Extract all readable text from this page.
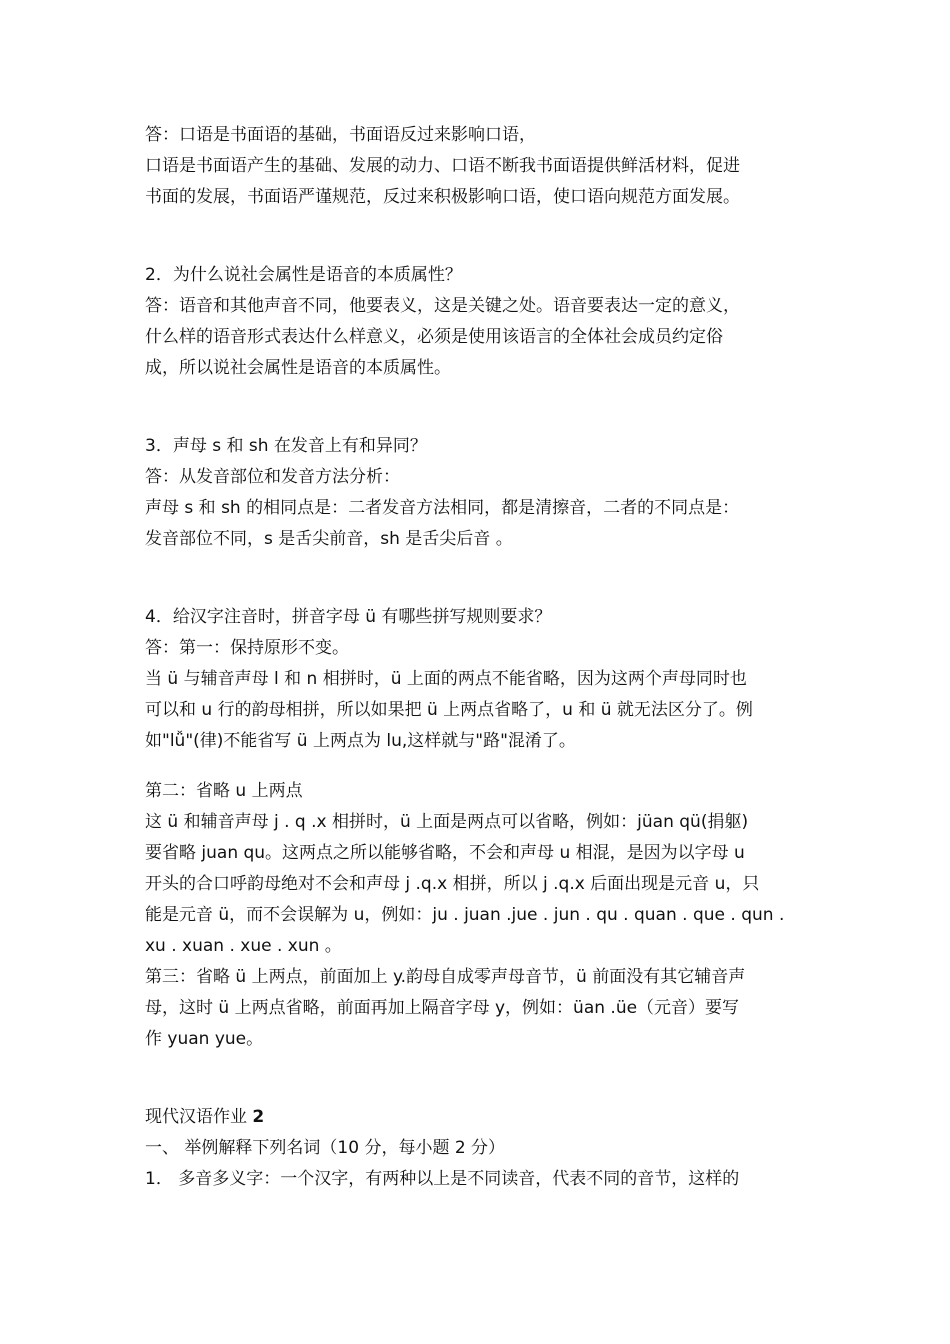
答：口语是书面语的基础，书面语反过来影响口语，

口语是书面语产生的基础、发展的动力、口语不断我书面语提供鲜活材料，促进

书面的发展，书面语严谨规范，反过来积极影响口语，使口语向规范方面发展。

2．为什么说社会属性是语音的本质属性？

答：语音和其他声音不同，他要表义，这是关键之处。语音要表达一定的意义，

什么样的语音形式表达什么样意义，必须是使用该语言的全体社会成员约定俗

成，所以说社会属性是语音的本质属性。

3．声母 s 和 sh 在发音上有和异同？

答：从发音部位和发音方法分析：

声母 s 和 sh 的相同点是：二者发音方法相同，都是清擦音，二者的不同点是：

发音部位不同，s 是舌尖前音，sh 是舌尖后音 。

4．给汉字注音时，拼音字母 ü 有哪些拼写规则要求？

答：第一：保持原形不变。

当 ü 与辅音声母 l 和 n 相拼时，ü 上面的两点不能省略，因为这两个声母同时也

可以和 u 行的韵母相拼，所以如果把 ü 上两点省略了，u 和 ü 就无法区分了。例

如"lǚ"(律)不能省写 ü 上两点为 lu,这样就与"路"混淆了。

第二：省略 u 上两点

这 ü 和辅音声母 j . q .x 相拼时，ü 上面是两点可以省略，例如：jüan qü(捐躯)

要省略 juan qu。这两点之所以能够省略，不会和声母 u 相混，是因为以字母 u

开头的合口呼韵母绝对不会和声母 j .q.x 相拼，所以 j .q.x 后面出现是元音 u，只

能是元音 ü，而不会误解为 u，例如：ju . juan .jue . jun . qu . quan . que . qun .

xu . xuan . xue . xun 。

第三：省略 ü 上两点，前面加上 y.韵母自成零声母音节，ü 前面没有其它辅音声

母，这时 ü 上两点省略，前面再加上隔音字母 y，例如：üan .üe（元音）要写

作 yuan yue。

现代汉语作业 2

一、 举例解释下列名词（10 分，每小题 2 分）

1． 多音多义字：一个汉字，有两种以上是不同读音，代表不同的音节，这样的
